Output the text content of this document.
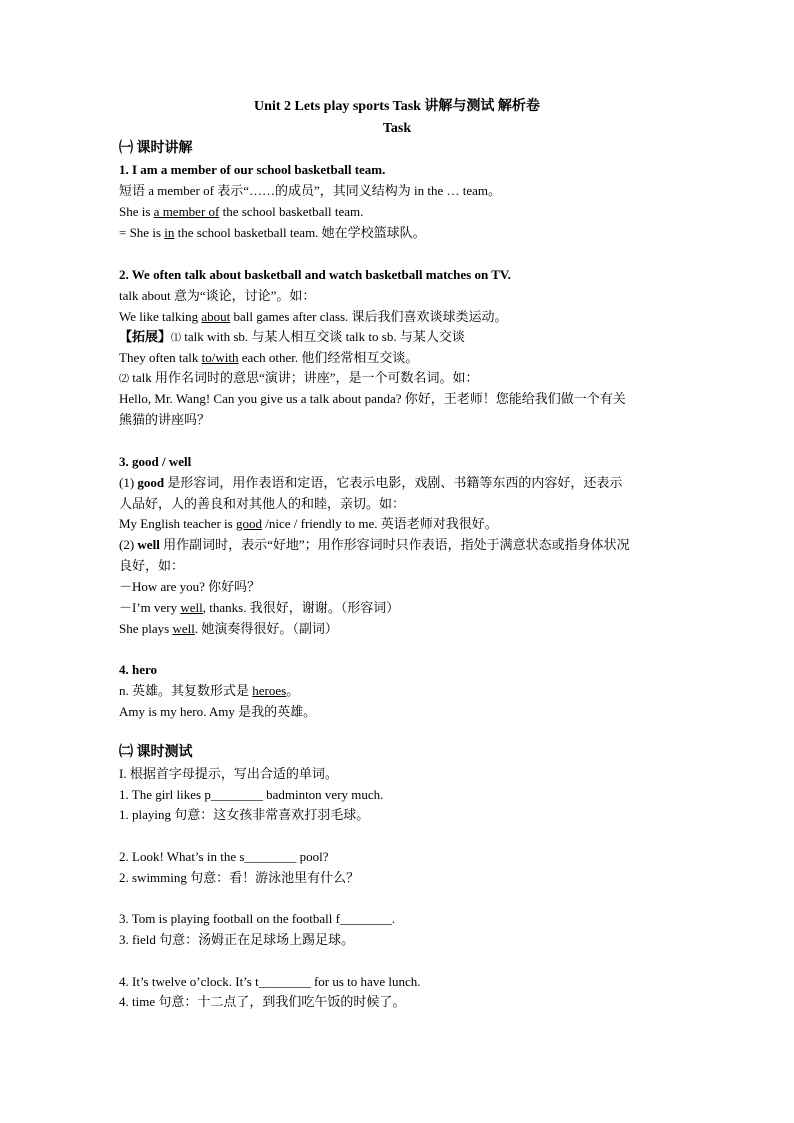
Unit 2 Lets play sports Task 讲解与测试 解析卷
Task
㈠ 课时讲解
1. I am a member of our school basketball team.
短语 a member of 表示“……的成员”，其同义结构为 in the … team。
She is a member of the school basketball team.
= She is in the school basketball team. 她在学校篮球队。
2. We often talk about basketball and watch basketball matches on TV.
talk about 意为“谈论，讨论”。如：
We like talking about ball games after class. 课后我们喜欢谈球类运动。
【拓展】⑴ talk with sb. 与某人相互交谈 talk to sb. 与某人交谈
They often talk to/with each other. 他们经常相互交谈。
⑵ talk 用作名词时的意思“演讲；讲座”，是一个可数名词。如：
Hello, Mr. Wang! Can you give us a talk about panda? 你好，王老师！您能给我们做一个有关
熊猫的讲座吗？
3. good / well
(1) good 是形容词，用作表语和定语，它表示电影，戏剧、书籍等东西的内容好，还表示
人品好，人的善良和对其他人的和睦，亲切。如：
My English teacher is good /nice / friendly to me. 英语老师对我很好。
(2) well 用作副词时，表示“好地”；用作形容词时只作表语，指处于满意状态或指身体状况
良好，如：
－How are you? 你好吗？
－I’m very well, thanks. 我很好，谢谢。（形容词）
She plays well. 她演奏得很好。（副词）
4. hero
n. 英雄。其复数形式是 heroes。
Amy is my hero. Amy 是我的英雄。
㈡ 课时测试
I. 根据首字母提示，写出合适的单词。
1. The girl likes p________ badminton very much.
1. playing 句意：这女孩非常喜欢打羽毛球。
2. Look! What’s in the s________ pool?
2. swimming 句意：看！游泳池里有什么？
3. Tom is playing football on the football f________.
3. field 句意：汤姆正在足球场上踢足球。
4. It’s twelve o’clock. It’s t________ for us to have lunch.
4. time 句意：十二点了，到我们吃午饭的时候了。
